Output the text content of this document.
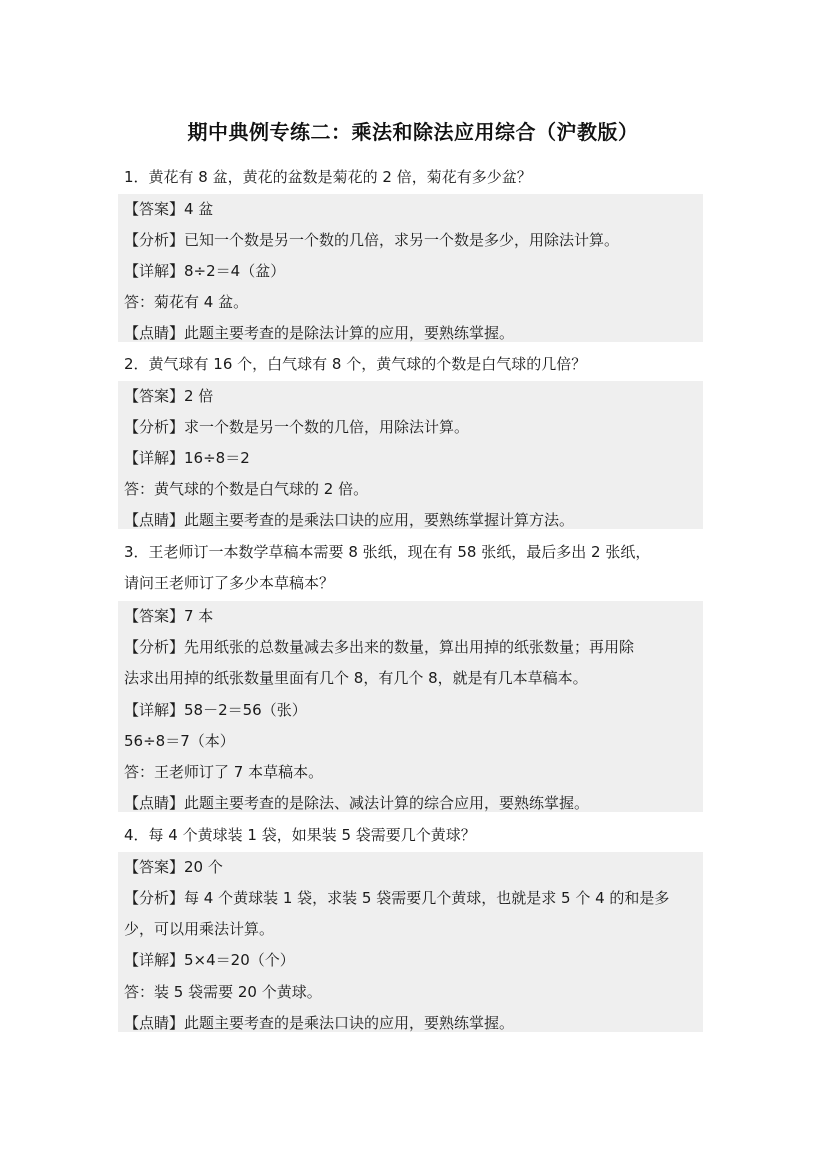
期中典例专练二：乘法和除法应用综合（沪教版）
1．黄花有 8 盆，黄花的盆数是菊花的 2 倍，菊花有多少盆？
【答案】4 盆
【分析】已知一个数是另一个数的几倍，求另一个数是多少，用除法计算。
【详解】8÷2＝4（盆）
答：菊花有 4 盆。
【点睛】此题主要考查的是除法计算的应用，要熟练掌握。
2．黄气球有 16 个，白气球有 8 个，黄气球的个数是白气球的几倍？
【答案】2 倍
【分析】求一个数是另一个数的几倍，用除法计算。
【详解】16÷8＝2
答：黄气球的个数是白气球的 2 倍。
【点睛】此题主要考查的是乘法口诀的应用，要熟练掌握计算方法。
3．王老师订一本数学草稿本需要 8 张纸，现在有 58 张纸，最后多出 2 张纸，
请问王老师订了多少本草稿本？
【答案】7 本
【分析】先用纸张的总数量减去多出来的数量，算出用掉的纸张数量；再用除
法求出用掉的纸张数量里面有几个 8，有几个 8，就是有几本草稿本。
【详解】58－2＝56（张）
56÷8＝7（本）
答：王老师订了 7 本草稿本。
【点睛】此题主要考查的是除法、减法计算的综合应用，要熟练掌握。
4．每 4 个黄球装 1 袋，如果装 5 袋需要几个黄球？
【答案】20 个
【分析】每 4 个黄球装 1 袋，求装 5 袋需要几个黄球，也就是求 5 个 4 的和是多
少，可以用乘法计算。
【详解】5×4＝20（个）
答：装 5 袋需要 20 个黄球。
【点睛】此题主要考查的是乘法口诀的应用，要熟练掌握。
